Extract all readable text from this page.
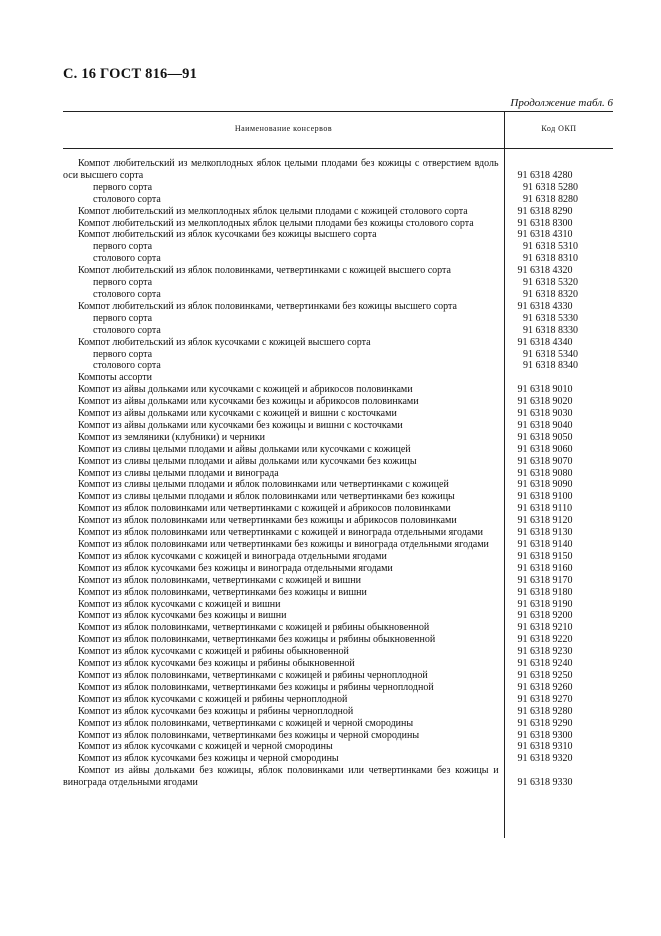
С. 16 ГОСТ 816—91
Продолжение табл. 6
Наименование консервов	Код ОКП
Компот любительский из мелкоплодных яблок целыми плодами без кожицы с отверстием вдоль оси высшего сорта	91 6318 4280
первого сорта	91 6318 5280
столового сорта	91 6318 8280
Компот любительский из мелкоплодных яблок целыми плодами с кожицей столового сорта	91 6318 8290
Компот любительский из мелкоплодных яблок целыми плодами без кожицы столового сорта	91 6318 8300
Компот любительский из яблок кусочками без кожицы высшего сорта	91 6318 4310
первого сорта	91 6318 5310
столового сорта	91 6318 8310
Компот любительский из яблок половинками, четвертинками с кожицей высшего сорта	91 6318 4320
первого сорта	91 6318 5320
столового сорта	91 6318 8320
Компот любительский из яблок половинками, четвертинками без кожицы высшего сорта	91 6318 4330
первого сорта	91 6318 5330
столового сорта	91 6318 8330
Компот любительский из яблок кусочками с кожицей высшего сорта	91 6318 4340
первого сорта	91 6318 5340
столового сорта	91 6318 8340
Компоты ассорти
Компот из айвы дольками или кусочками с кожицей и абрикосов половинками	91 6318 9010
Компот из айвы дольками или кусочками без кожицы и абрикосов половинками	91 6318 9020
Компот из айвы дольками или кусочками с кожицей и вишни с косточками	91 6318 9030
Компот из айвы дольками или кусочками без кожицы и вишни с косточками	91 6318 9040
Компот из земляники (клубники) и черники	91 6318 9050
Компот из сливы целыми плодами и айвы дольками или кусочками с кожицей	91 6318 9060
Компот из сливы целыми плодами и айвы дольками или кусочками без кожицы	91 6318 9070
Компот из сливы целыми плодами и винограда	91 6318 9080
Компот из сливы целыми плодами и яблок половинками или четвертинками с кожицей	91 6318 9090
Компот из сливы целыми плодами и яблок половинками или четвертинками без кожицы	91 6318 9100
Компот из яблок половинками или четвертинками с кожицей и абрикосов половинками	91 6318 9110
Компот из яблок половинками или четвертинками без кожицы и абрикосов половинками	91 6318 9120
Компот из яблок половинками или четвертинками с кожицей и винограда отдельными ягодами	91 6318 9130
Компот из яблок половинками или четвертинками без кожицы и винограда отдельными ягодами	91 6318 9140
Компот из яблок кусочками с кожицей и винограда отдельными ягодами	91 6318 9150
Компот из яблок кусочками без кожицы и винограда отдельными ягодами	91 6318 9160
Компот из яблок половинками, четвертинками с кожицей и вишни	91 6318 9170
Компот из яблок половинками, четвертинками без кожицы и вишни	91 6318 9180
Компот из яблок кусочками с кожицей и вишни	91 6318 9190
Компот из яблок кусочками без кожицы и вишни	91 6318 9200
Компот из яблок половинками, четвертинками с кожицей и рябины обыкновенной	91 6318 9210
Компот из яблок половинками, четвертинками без кожицы и рябины обыкновенной	91 6318 9220
Компот из яблок кусочками с кожицей и рябины обыкновенной	91 6318 9230
Компот из яблок кусочками без кожицы и рябины обыкновенной	91 6318 9240
Компот из яблок половинками, четвертинками с кожицей и рябины черноплодной	91 6318 9250
Компот из яблок половинками, четвертинками без кожицы и рябины черноплодной	91 6318 9260
Компот из яблок кусочками с кожицей и рябины черноплодной	91 6318 9270
Компот из яблок кусочками без кожицы и рябины черноплодной	91 6318 9280
Компот из яблок половинками, четвертинками с кожицей и черной смородины	91 6318 9290
Компот из яблок половинками, четвертинками без кожицы и черной смородины	91 6318 9300
Компот из яблок кусочками с кожицей и черной смородины	91 6318 9310
Компот из яблок кусочками без кожицы и черной смородины	91 6318 9320
Компот из айвы дольками без кожицы, яблок половинками или четвертинками без кожицы и винограда отдельными ягодами	91 6318 9330
